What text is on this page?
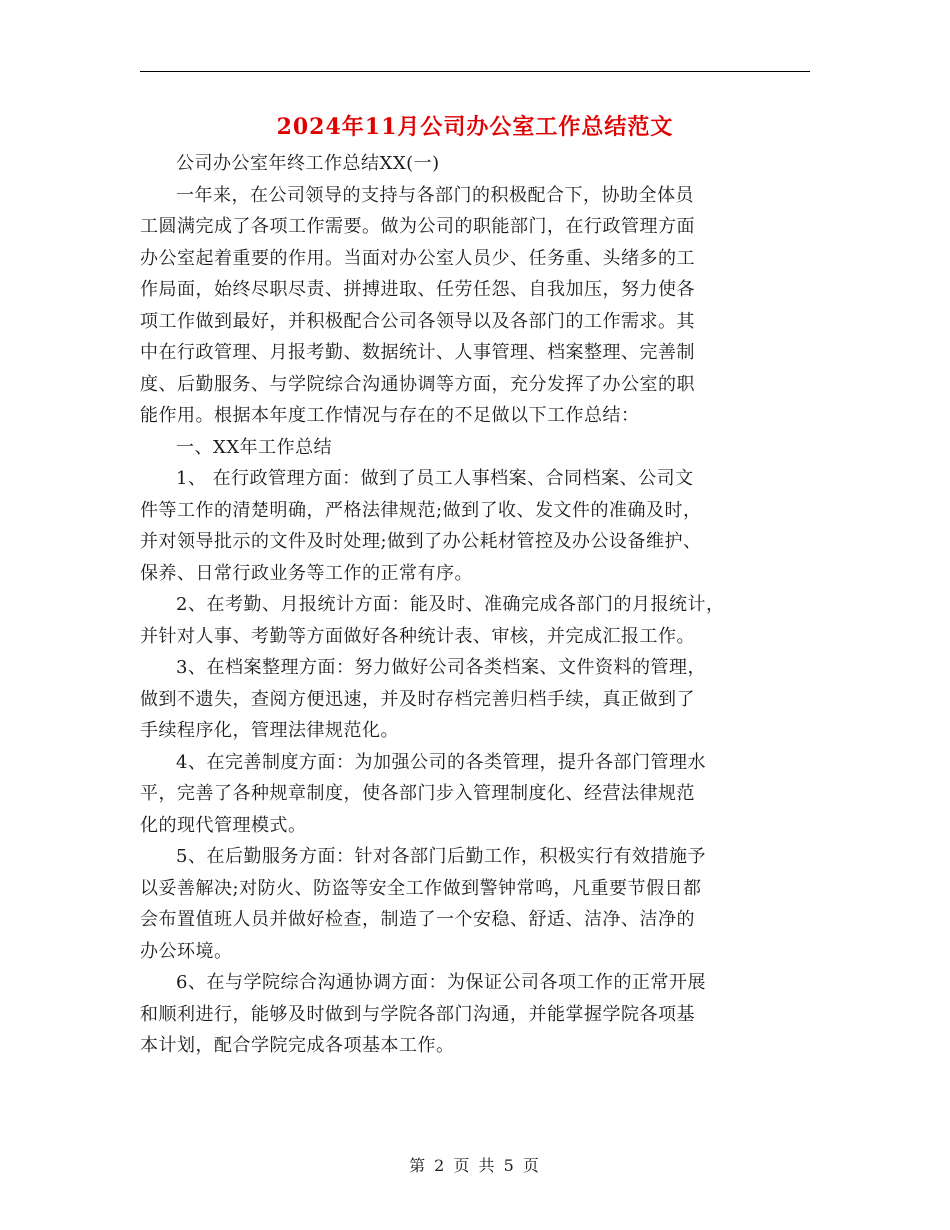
2024年11月公司办公室工作总结范文

公司办公室年终工作总结XX(一)

一年来，在公司领导的支持与各部门的积极配合下，协助全体员
工圆满完成了各项工作需要。做为公司的职能部门，在行政管理方面
办公室起着重要的作用。当面对办公室人员少、任务重、头绪多的工
作局面，始终尽职尽责、拼搏进取、任劳任怨、自我加压，努力使各
项工作做到最好，并积极配合公司各领导以及各部门的工作需求。其
中在行政管理、月报考勤、数据统计、人事管理、档案整理、完善制
度、后勤服务、与学院综合沟通协调等方面，充分发挥了办公室的职
能作用。根据本年度工作情况与存在的不足做以下工作总结：

一、XX年工作总结

1、 在行政管理方面：做到了员工人事档案、合同档案、公司文
件等工作的清楚明确，严格法律规范;做到了收、发文件的准确及时，
并对领导批示的文件及时处理;做到了办公耗材管控及办公设备维护、
保养、日常行政业务等工作的正常有序。

2、在考勤、月报统计方面：能及时、准确完成各部门的月报统计，
并针对人事、考勤等方面做好各种统计表、审核，并完成汇报工作。

3、在档案整理方面：努力做好公司各类档案、文件资料的管理，
做到不遗失，查阅方便迅速，并及时存档完善归档手续，真正做到了
手续程序化，管理法律规范化。

4、在完善制度方面：为加强公司的各类管理，提升各部门管理水
平，完善了各种规章制度，使各部门步入管理制度化、经营法律规范
化的现代管理模式。

5、在后勤服务方面：针对各部门后勤工作，积极实行有效措施予
以妥善解决;对防火、防盗等安全工作做到警钟常鸣，凡重要节假日都
会布置值班人员并做好检查，制造了一个安稳、舒适、洁净、洁净的
办公环境。

6、在与学院综合沟通协调方面：为保证公司各项工作的正常开展
和顺利进行，能够及时做到与学院各部门沟通，并能掌握学院各项基
本计划，配合学院完成各项基本工作。

第 2 页 共 5 页
